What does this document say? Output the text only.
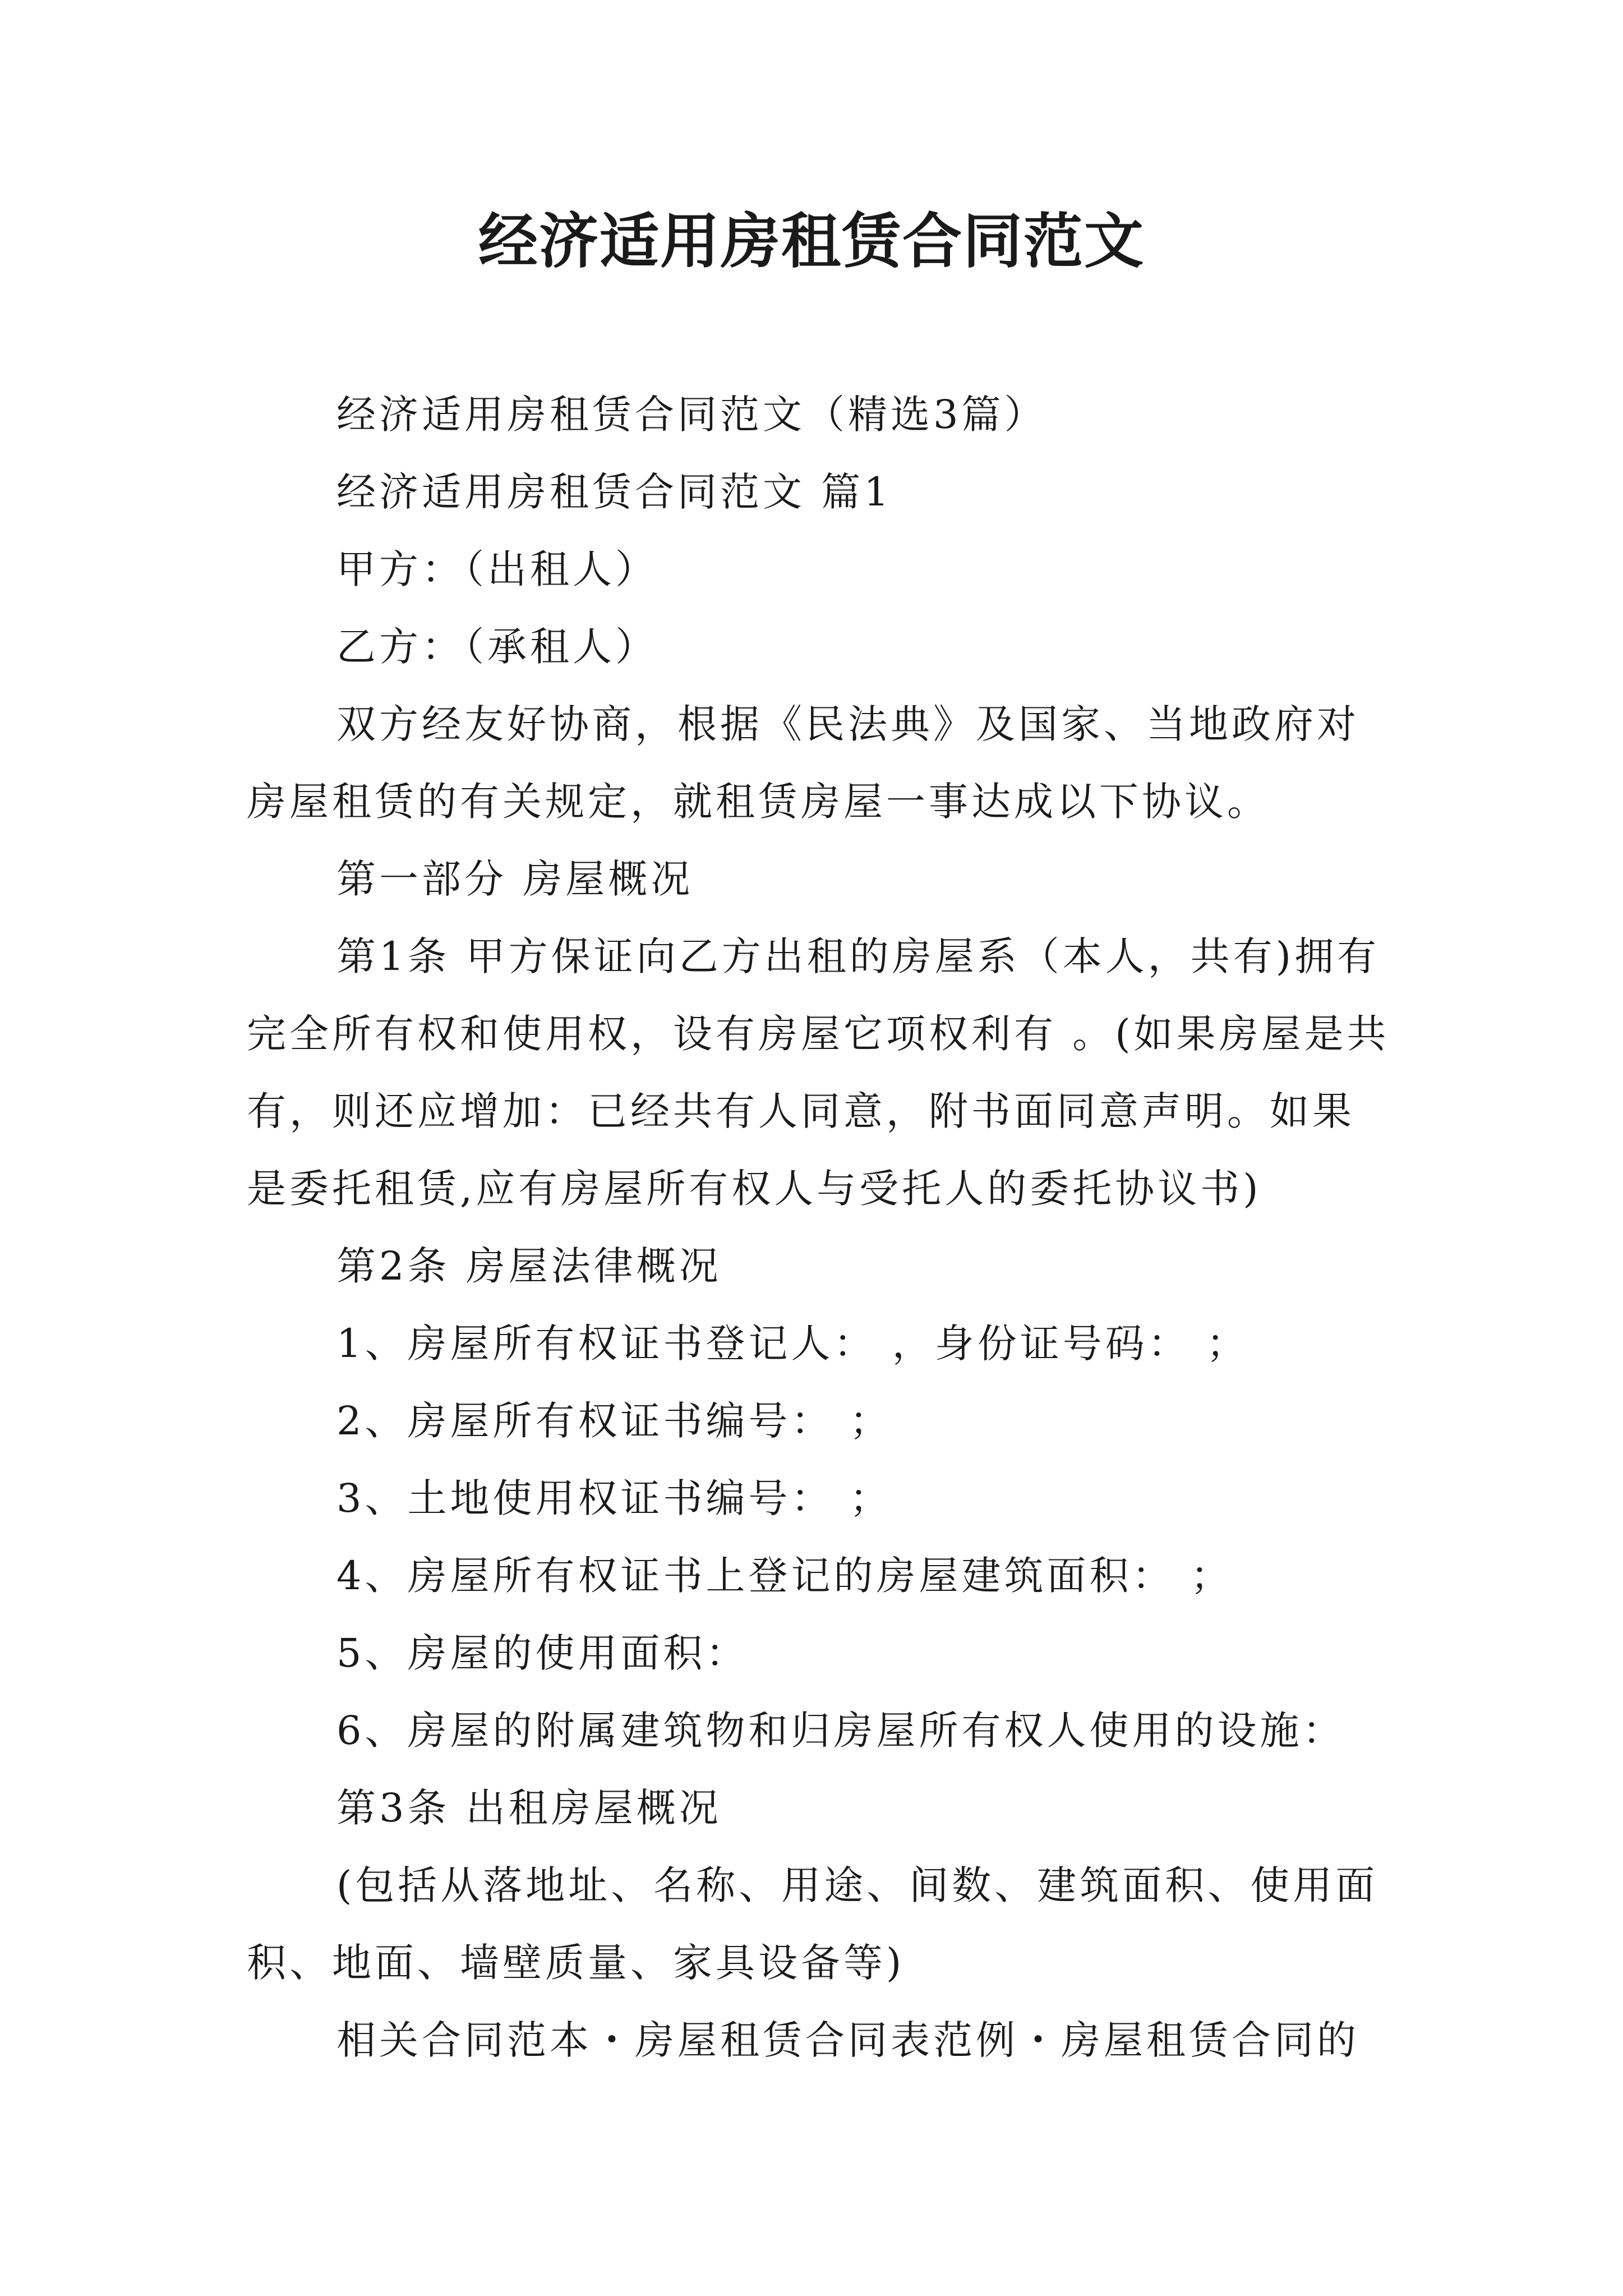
经济适用房租赁合同范文

经济适用房租赁合同范文（精选3篇）

经济适用房租赁合同范文 篇1

甲方：（出租人）

乙方：（承租人）

双方经友好协商，根据《民法典》及国家、当地政府对房屋租赁的有关规定，就租赁房屋一事达成以下协议。

第一部分 房屋概况

第1条 甲方保证向乙方出租的房屋系（本人，共有)拥有完全所有权和使用权，设有房屋它项权利有 。(如果房屋是共有，则还应增加：已经共有人同意，附书面同意声明。如果是委托租赁,应有房屋所有权人与受托人的委托协议书)

第2条 房屋法律概况

1、房屋所有权证书登记人： ，身份证号码： ；

2、房屋所有权证书编号： ；

3、土地使用权证书编号： ；

4、房屋所有权证书上登记的房屋建筑面积： ；

5、房屋的使用面积：

6、房屋的附属建筑物和归房屋所有权人使用的设施：

第3条 出租房屋概况

(包括从落地址、名称、用途、间数、建筑面积、使用面积、地面、墙壁质量、家具设备等)

相关合同范本・房屋租赁合同表范例・房屋租赁合同的
